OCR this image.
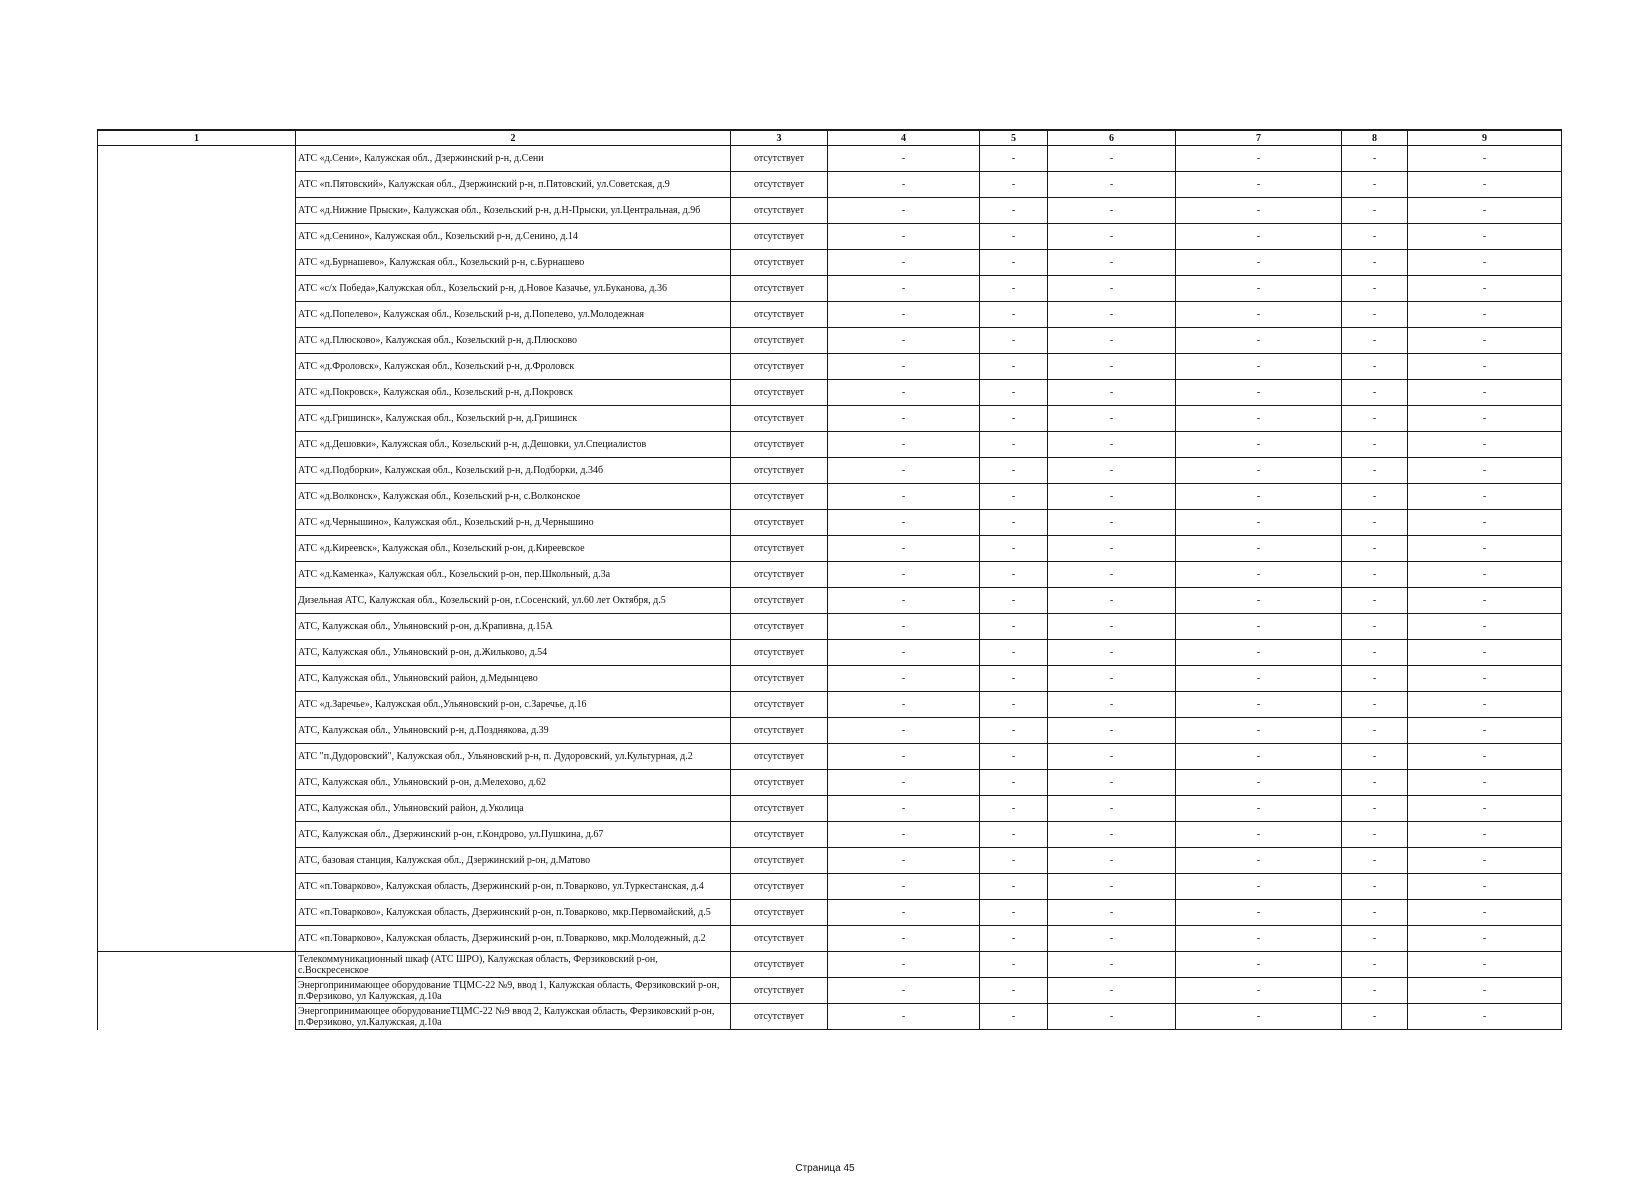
1	2	3	4	5	6	7	8	9
	АТС «д.Сени», Калужская обл., Дзержинский р-н, д.Сени	отсутствует	-	-	-	-	-	-
	АТС «п.Пятовский», Калужская обл., Дзержинский р-н, п.Пятовский, ул.Советская, д.9	отсутствует	-	-	-	-	-	-
	АТС «д.Нижние Прыски», Калужская обл., Козельский р-н, д.Н-Прыски, ул.Центральная, д.9б	отсутствует	-	-	-	-	-	-
	АТС «д.Сенино», Калужская обл., Козельский р-н, д.Сенино, д.14	отсутствует	-	-	-	-	-	-
	АТС «д.Бурнашево», Калужская обл., Козельский р-н, с.Бурнашево	отсутствует	-	-	-	-	-	-
	АТС «с/х Победа»,Калужская обл., Козельский р-н, д.Новое Казачье, ул.Буканова, д.36	отсутствует	-	-	-	-	-	-
	АТС «д.Попелево», Калужская обл., Козельский р-н, д.Попелево, ул.Молодежная	отсутствует	-	-	-	-	-	-
	АТС «д.Плюсково», Калужская обл., Козельский р-н, д.Плюсково	отсутствует	-	-	-	-	-	-
	АТС «д.Фроловск», Калужская обл., Козельский р-н, д.Фроловск	отсутствует	-	-	-	-	-	-
	АТС «д.Покровск», Калужская обл., Козельский р-н, д.Покровск	отсутствует	-	-	-	-	-	-
	АТС «д.Гришинск», Калужская обл., Козельский р-н, д.Гришинск	отсутствует	-	-	-	-	-	-
	АТС «д.Дешовки», Калужская обл., Козельский р-н, д.Дешовки, ул.Специалистов	отсутствует	-	-	-	-	-	-
	АТС «д.Подборки», Калужская обл., Козельский р-н, д.Подборки, д.34б	отсутствует	-	-	-	-	-	-
	АТС «д.Волконск», Калужская обл., Козельский р-н, с.Волконское	отсутствует	-	-	-	-	-	-
	АТС «д.Чернышино», Калужская обл., Козельский р-н, д.Чернышино	отсутствует	-	-	-	-	-	-
	АТС «д.Киреевск», Калужская обл., Козельский р-он, д.Киреевское	отсутствует	-	-	-	-	-	-
	АТС «д.Каменка», Калужская обл., Козельский р-он, пер.Школьный, д.3а	отсутствует	-	-	-	-	-	-
	Дизельная АТС, Калужская обл., Козельский р-он, г.Сосенский, ул.60 лет Октября, д.5	отсутствует	-	-	-	-	-	-
	АТС, Калужская обл., Ульяновский р-он, д.Крапивна, д.15А	отсутствует	-	-	-	-	-	-
	АТС, Калужская обл., Ульяновский р-он, д.Жильково, д.54	отсутствует	-	-	-	-	-	-
	АТС, Калужская обл., Ульяновский район, д.Медынцево	отсутствует	-	-	-	-	-	-
	АТС «д.Заречье», Калужская обл.,Ульяновский р-он, с.Заречье, д.16	отсутствует	-	-	-	-	-	-
	АТС, Калужская обл., Ульяновский р-н, д.Позднякова, д.39	отсутствует	-	-	-	-	-	-
	АТС "п.Дудоровский", Калужская обл., Ульяновский р-н, п. Дудоровский, ул.Культурная, д.2	отсутствует	-	-	-	-	-	-
	АТС, Калужская обл., Ульяновский р-он, д.Мелехово, д.62	отсутствует	-	-	-	-	-	-
	АТС, Калужская обл., Ульяновский район, д.Уколица	отсутствует	-	-	-	-	-	-
	АТС, Калужская обл., Дзержинский р-он, г.Кондрово, ул.Пушкина, д.67	отсутствует	-	-	-	-	-	-
	АТС, базовая станция, Калужская обл., Дзержинский р-он, д.Матово	отсутствует	-	-	-	-	-	-
	АТС «п.Товарково», Калужская область, Дзержинский р-он, п.Товарково, ул.Туркестанская, д.4	отсутствует	-	-	-	-	-	-
	АТС «п.Товарково», Калужская область, Дзержинский р-он, п.Товарково, мкр.Первомайский, д.5	отсутствует	-	-	-	-	-	-
	АТС «п.Товарково», Калужская область, Дзержинский р-он, п.Товарково, мкр.Молодежный, д.2	отсутствует	-	-	-	-	-	-
	Телекоммуникационный шкаф (АТС ШРО), Калужская область, Ферзиковский р-он, с.Воскресенское	отсутствует	-	-	-	-	-	-
	Энергопринимающее оборудование ТЦМС-22 №9, ввод 1, Калужская область, Ферзиковский р-он, п.Ферзиково, ул Калужская, д.10а	отсутствует	-	-	-	-	-	-
	Энергопринимающее оборудованиеТЦМС-22 №9 ввод 2, Калужская область, Ферзиковский р-он, п.Ферзиково, ул.Калужская, д.10а	отсутствует	-	-	-	-	-	-
Страница 45
